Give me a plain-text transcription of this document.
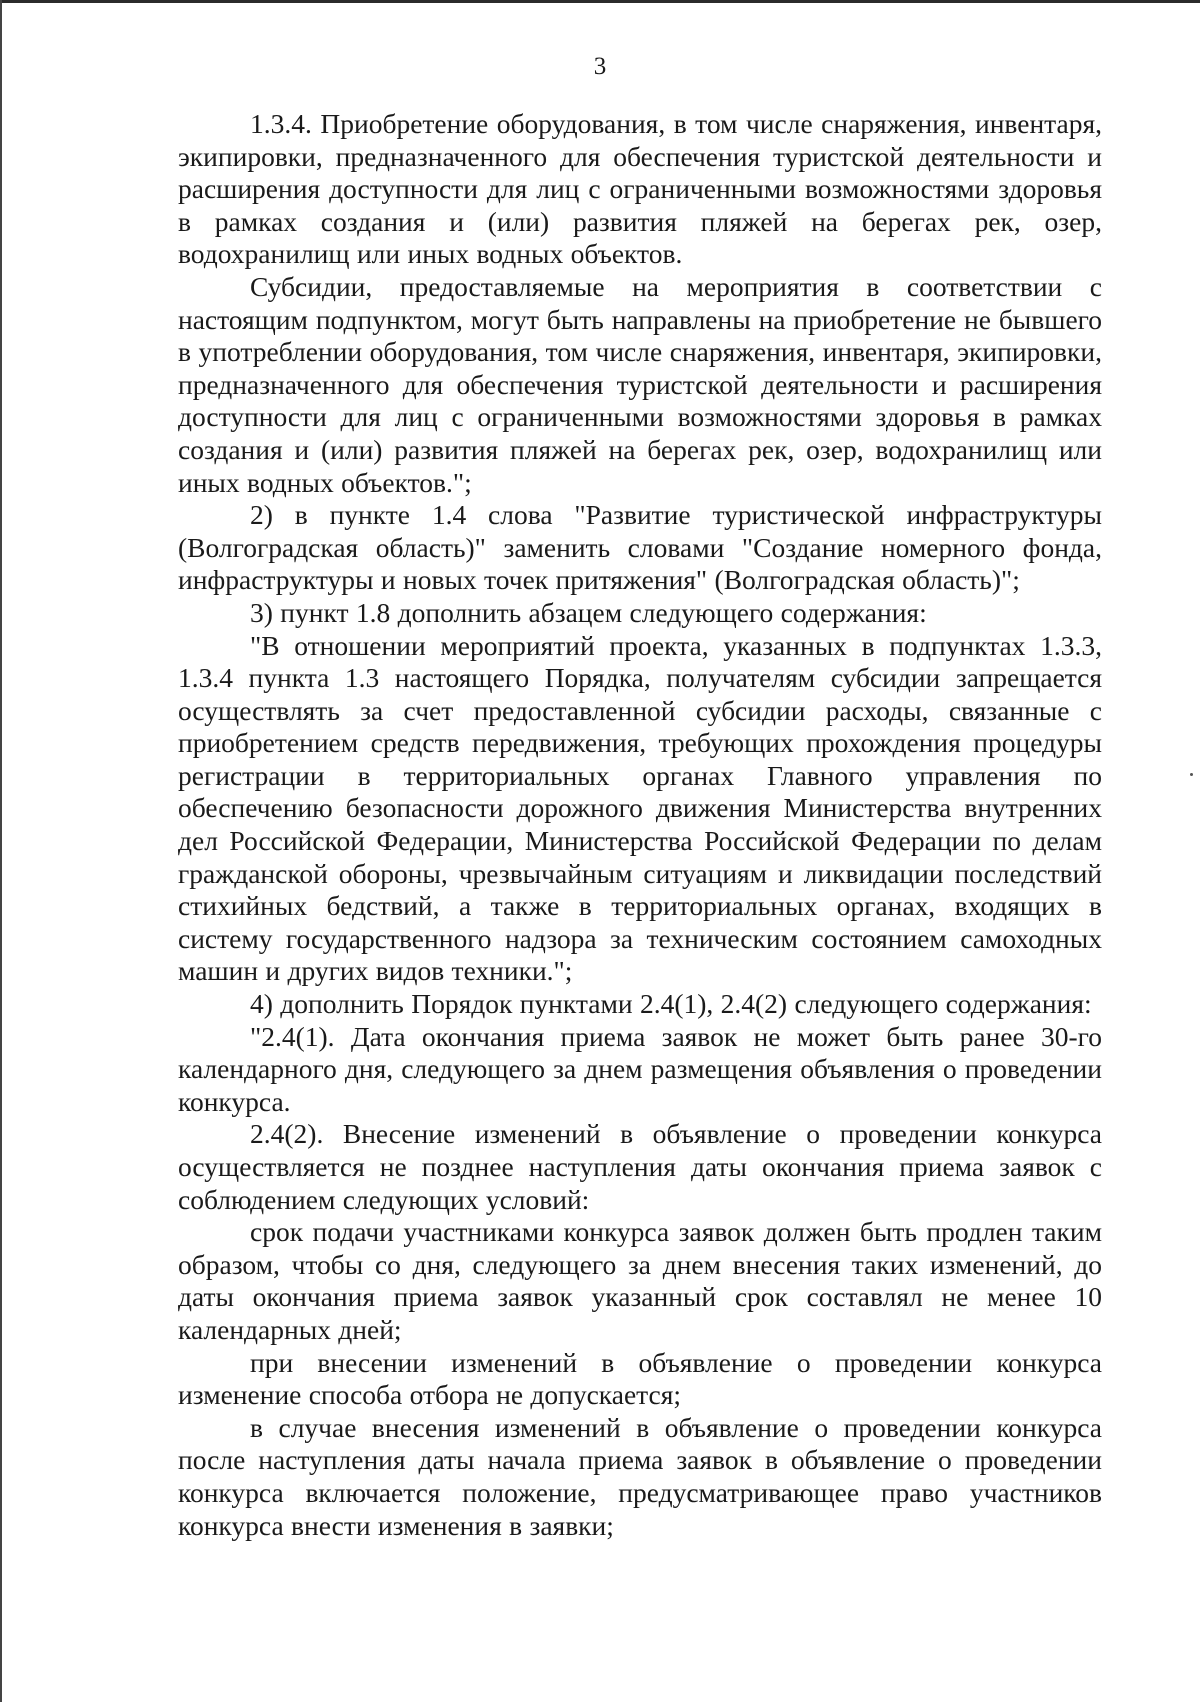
3

1.3.4. Приобретение оборудования, в том числе снаряжения, инвентаря, экипировки, предназначенного для обеспечения туристской деятельности и расширения доступности для лиц с ограниченными возможностями здоровья в рамках создания и (или) развития пляжей на берегах рек, озер, водохранилищ или иных водных объектов.

Субсидии, предоставляемые на мероприятия в соответствии с настоящим подпунктом, могут быть направлены на приобретение не бывшего в употреблении оборудования, том числе снаряжения, инвентаря, экипировки, предназначенного для обеспечения туристской деятельности и расширения доступности для лиц с ограниченными возможностями здоровья в рамках создания и (или) развития пляжей на берегах рек, озер, водохранилищ или иных водных объектов.";

2) в пункте 1.4 слова "Развитие туристической инфраструктуры (Волгоградская область)" заменить словами "Создание номерного фонда, инфраструктуры и новых точек притяжения" (Волгоградская область)";

3) пункт 1.8 дополнить абзацем следующего содержания:

"В отношении мероприятий проекта, указанных в подпунктах 1.3.3, 1.3.4 пункта 1.3 настоящего Порядка, получателям субсидии запрещается осуществлять за счет предоставленной субсидии расходы, связанные с приобретением средств передвижения, требующих прохождения процедуры регистрации в территориальных органах Главного управления по обеспечению безопасности дорожного движения Министерства внутренних дел Российской Федерации, Министерства Российской Федерации по делам гражданской обороны, чрезвычайным ситуациям и ликвидации последствий стихийных бедствий, а также в территориальных органах, входящих в систему государственного надзора за техническим состоянием самоходных машин и других видов техники.";

4) дополнить Порядок пунктами 2.4(1), 2.4(2) следующего содержания:

"2.4(1). Дата окончания приема заявок не может быть ранее 30-го календарного дня, следующего за днем размещения объявления о проведении конкурса.

2.4(2). Внесение изменений в объявление о проведении конкурса осуществляется не позднее наступления даты окончания приема заявок с соблюдением следующих условий:

срок подачи участниками конкурса заявок должен быть продлен таким образом, чтобы со дня, следующего за днем внесения таких изменений, до даты окончания приема заявок указанный срок составлял не менее 10 календарных дней;

при внесении изменений в объявление о проведении конкурса изменение способа отбора не допускается;

в случае внесения изменений в объявление о проведении конкурса после наступления даты начала приема заявок в объявление о проведении конкурса включается положение, предусматривающее право участников конкурса внести изменения в заявки;
